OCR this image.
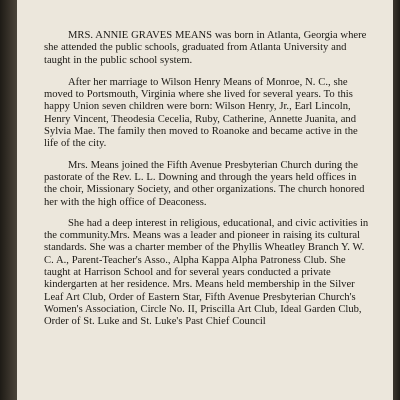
MRS. ANNIE GRAVES MEANS was born in Atlanta, Georgia where she attended the public schools, graduated from Atlanta University and taught in the public school system.

After her marriage to Wilson Henry Means of Monroe, N. C., she moved to Portsmouth, Virginia where she lived for several years. To this happy Union seven children were born: Wilson Henry, Jr., Earl Lincoln, Henry Vincent, Theodesia Cecelia, Ruby, Catherine, Annette Juanita, and Sylvia Mae. The family then moved to Roanoke and became active in the life of the city.

Mrs. Means joined the Fifth Avenue Presbyterian Church during the pastorate of the Rev. L. L. Downing and through the years held offices in the choir, Missionary Society, and other organizations. The church honored her with the high office of Deaconess.

She had a deep interest in religious, educational, and civic activities in the community.Mrs. Means was a leader and pioneer in raising its cultural standards. She was a charter member of the Phyllis Wheatley Branch Y. W. C. A., Parent-Teacher's Asso., Alpha Kappa Alpha Patroness Club. She taught at Harrison School and for several years conducted a private kindergarten at her residence. Mrs. Means held membership in the Silver Leaf Art Club, Order of Eastern Star, Fifth Avenue Presbyterian Church's Women's Association, Circle No. II, Priscilla Art Club, Ideal Garden Club, Order of St. Luke and St. Luke's Past Chief Council
